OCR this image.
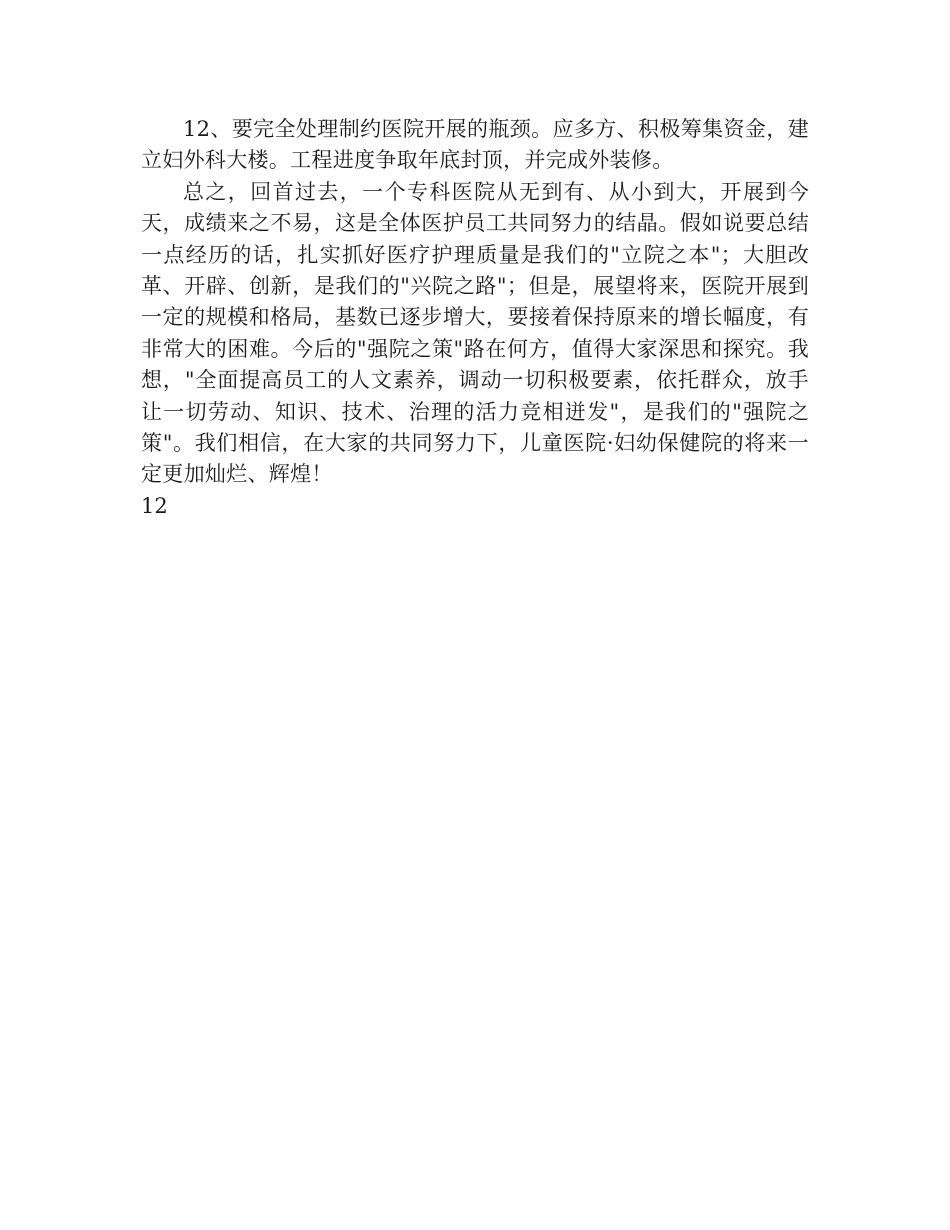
12、要完全处理制约医院开展的瓶颈。应多方、积极筹集资金，建立妇外科大楼。工程进度争取年底封顶，并完成外装修。

总之，回首过去，一个专科医院从无到有、从小到大，开展到今天，成绩来之不易，这是全体医护员工共同努力的结晶。假如说要总结一点经历的话，扎实抓好医疗护理质量是我们的"立院之本"；大胆改革、开辟、创新，是我们的"兴院之路"；但是，展望将来，医院开展到一定的规模和格局，基数已逐步增大，要接着保持原来的增长幅度，有非常大的困难。今后的"强院之策"路在何方，值得大家深思和探究。我想，"全面提高员工的人文素养，调动一切积极要素，依托群众，放手让一切劳动、知识、技术、治理的活力竞相迸发"，是我们的"强院之策"。我们相信，在大家的共同努力下，儿童医院·妇幼保健院的将来一定更加灿烂、辉煌！

12
